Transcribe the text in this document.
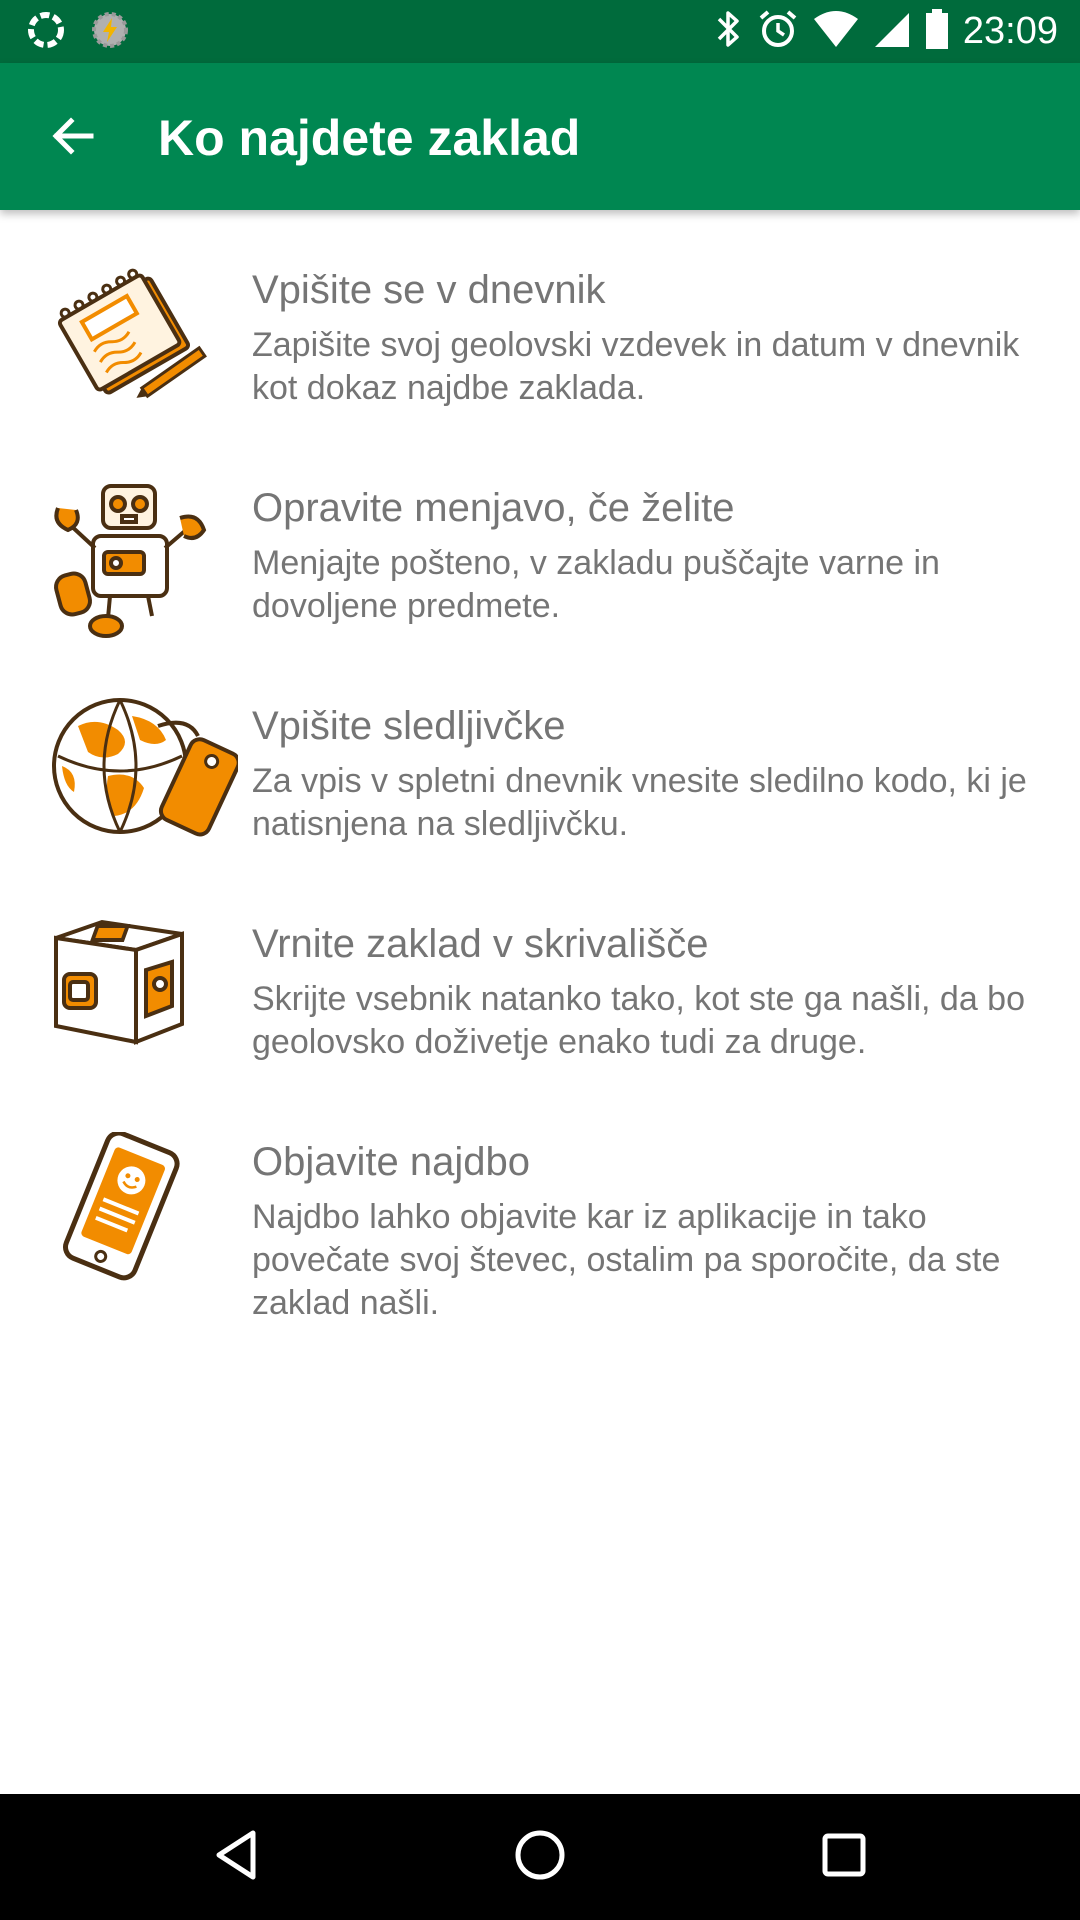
23:09
Ko najdete zaklad
Vpišite se v dnevnik
Zapišite svoj geolovski vzdevek in datum v dnevnik kot dokaz najdbe zaklada.
Opravite menjavo, če želite
Menjajte pošteno, v zakladu puščajte varne in dovoljene predmete.
Vpišite sledljivčke
Za vpis v spletni dnevnik vnesite sledilno kodo, ki je natisnjena na sledljivčku.
Vrnite zaklad v skrivališče
Skrijte vsebnik natanko tako, kot ste ga našli, da bo geolovsko doživetje enako tudi za druge.
Objavite najdbo
Najdbo lahko objavite kar iz aplikacije in tako povečate svoj števec, ostalim pa sporočite, da ste zaklad našli.
